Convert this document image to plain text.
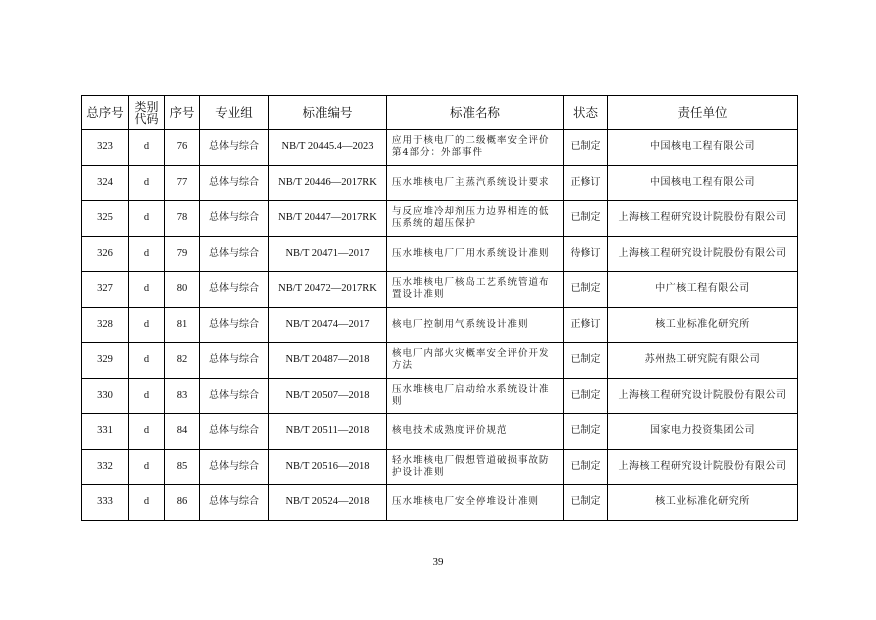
总序号	类别代码	序号	专业组	标准编号	标准名称	状态	责任单位
323	d	76	总体与综合	NB/T 20445.4—2023	应用于核电厂的二级概率安全评价第4部分：外部事件	已制定	中国核电工程有限公司
324	d	77	总体与综合	NB/T 20446—2017RK	压水堆核电厂主蒸汽系统设计要求	正修订	中国核电工程有限公司
325	d	78	总体与综合	NB/T 20447—2017RK	与反应堆冷却剂压力边界相连的低压系统的超压保护	已制定	上海核工程研究设计院股份有限公司
326	d	79	总体与综合	NB/T 20471—2017	压水堆核电厂厂用水系统设计准则	待修订	上海核工程研究设计院股份有限公司
327	d	80	总体与综合	NB/T 20472—2017RK	压水堆核电厂核岛工艺系统管道布置设计准则	已制定	中广核工程有限公司
328	d	81	总体与综合	NB/T 20474—2017	核电厂控制用气系统设计准则	正修订	核工业标准化研究所
329	d	82	总体与综合	NB/T 20487—2018	核电厂内部火灾概率安全评价开发方法	已制定	苏州热工研究院有限公司
330	d	83	总体与综合	NB/T 20507—2018	压水堆核电厂启动给水系统设计准则	已制定	上海核工程研究设计院股份有限公司
331	d	84	总体与综合	NB/T 20511—2018	核电技术成熟度评价规范	已制定	国家电力投资集团公司
332	d	85	总体与综合	NB/T 20516—2018	轻水堆核电厂假想管道破损事故防护设计准则	已制定	上海核工程研究设计院股份有限公司
333	d	86	总体与综合	NB/T 20524—2018	压水堆核电厂安全停堆设计准则	已制定	核工业标准化研究所
39
